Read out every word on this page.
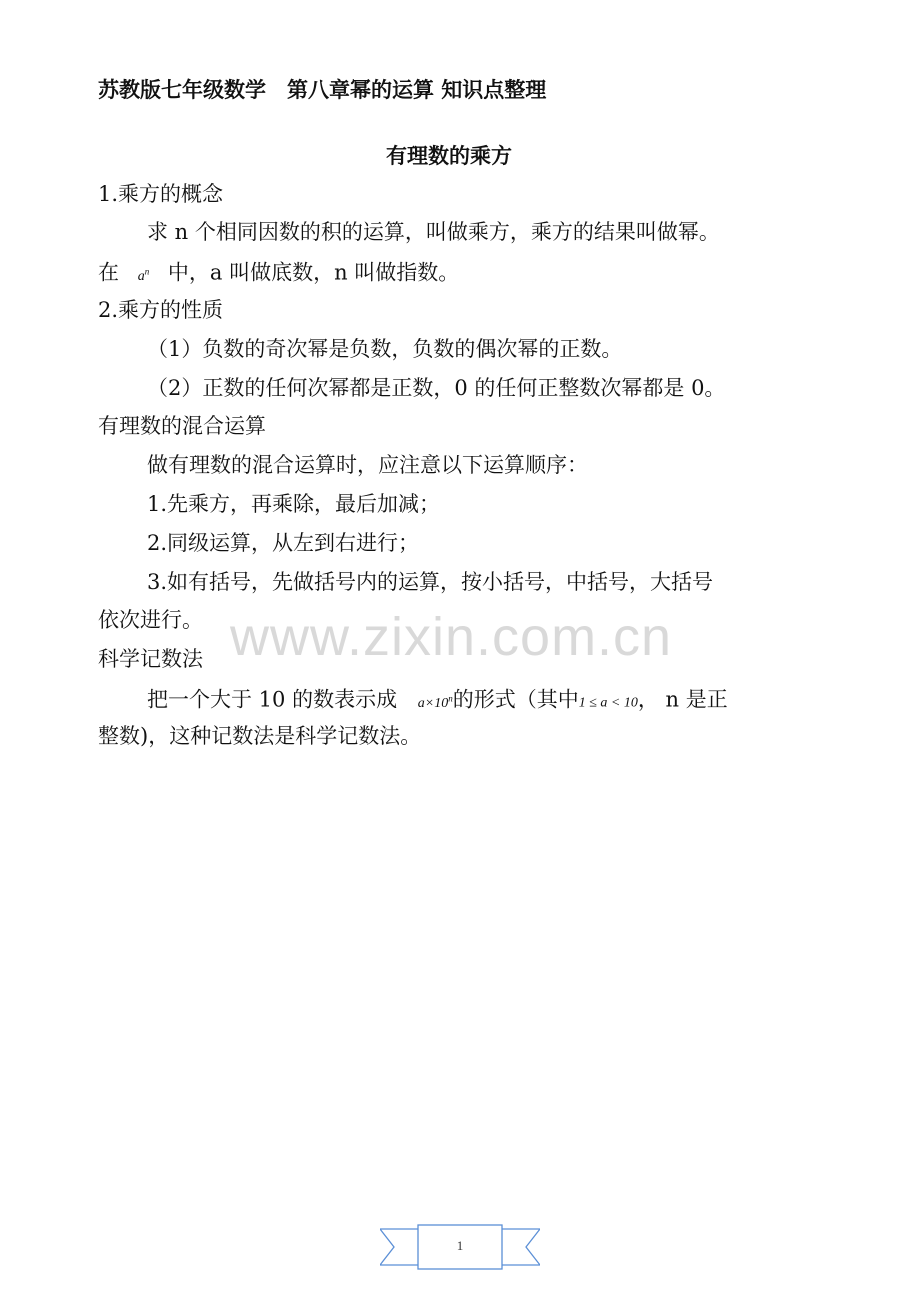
苏教版七年级数学　第八章幂的运算 知识点整理
有理数的乘方
1.乘方的概念
求 n 个相同因数的积的运算，叫做乘方，乘方的结果叫做幂。
在 $a^n$ 中，a 叫做底数，n 叫做指数。
2.乘方的性质
（1）负数的奇次幂是负数，负数的偶次幂的正数。
（2）正数的任何次幂都是正数，0 的任何正整数次幂都是 0。
有理数的混合运算
做有理数的混合运算时，应注意以下运算顺序：
1.先乘方，再乘除，最后加减；
2.同级运算，从左到右进行；
3.如有括号，先做括号内的运算，按小括号，中括号，大括号
依次进行。
科学记数法
把一个大于 10 的数表示成 $a\times 10^n$的形式（其中1 ≤ a < 10， n 是正
整数)，这种记数法是科学记数法。
www.zixin.com.cn
1
